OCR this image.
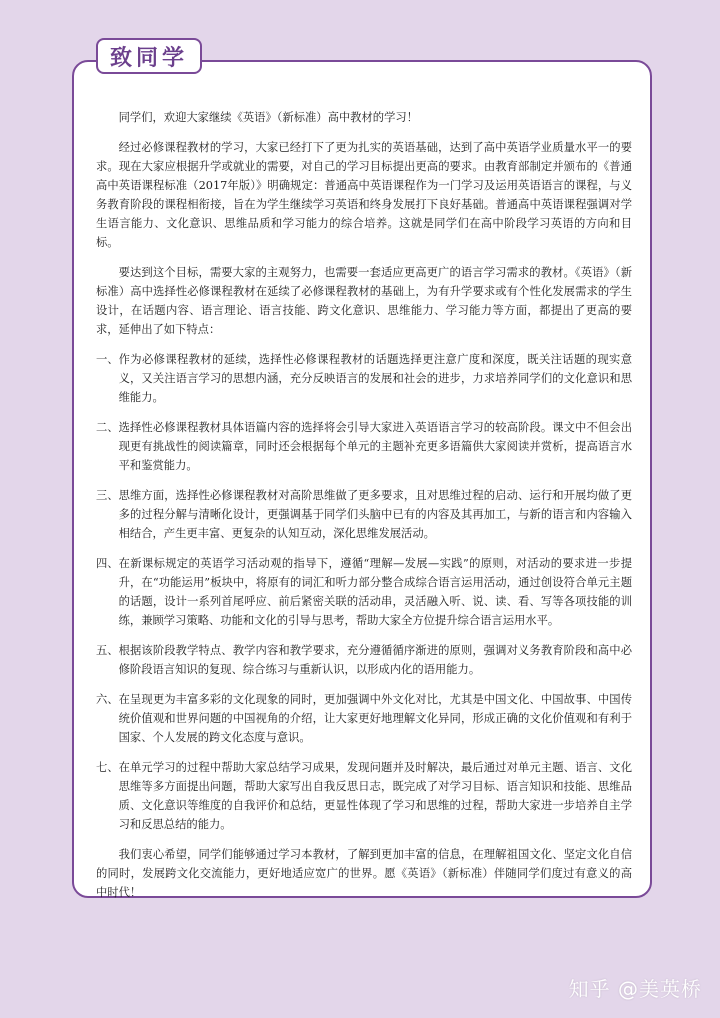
致同学

同学们，欢迎大家继续《英语》（新标准）高中教材的学习！

经过必修课程教材的学习，大家已经打下了更为扎实的英语基础，达到了高中英语学业质量水平一的要求。现在大家应根据升学或就业的需要，对自己的学习目标提出更高的要求。由教育部制定并颁布的《普通高中英语课程标准（2017年版）》明确规定：普通高中英语课程作为一门学习及运用英语语言的课程，与义务教育阶段的课程相衔接，旨在为学生继续学习英语和终身发展打下良好基础。普通高中英语课程强调对学生语言能力、文化意识、思维品质和学习能力的综合培养。这就是同学们在高中阶段学习英语的方向和目标。

要达到这个目标，需要大家的主观努力，也需要一套适应更高更广的语言学习需求的教材。《英语》（新标准）高中选择性必修课程教材在延续了必修课程教材的基础上，为有升学要求或有个性化发展需求的学生设计，在话题内容、语言理论、语言技能、跨文化意识、思维能力、学习能力等方面，都提出了更高的要求，延伸出了如下特点：

一、 作为必修课程教材的延续，选择性必修课程教材的话题选择更注意广度和深度，既关注话题的现实意义，又关注语言学习的思想内涵，充分反映语言的发展和社会的进步，力求培养同学们的文化意识和思维能力。
二、 选择性必修课程教材具体语篇内容的选择将会引导大家进入英语语言学习的较高阶段。课文中不但会出现更有挑战性的阅读篇章，同时还会根据每个单元的主题补充更多语篇供大家阅读并赏析，提高语言水平和鉴赏能力。
三、 思维方面，选择性必修课程教材对高阶思维做了更多要求，且对思维过程的启动、运行和开展均做了更多的过程分解与清晰化设计，更强调基于同学们头脑中已有的内容及其再加工，与新的语言和内容输入相结合，产生更丰富、更复杂的认知互动，深化思维发展活动。
四、 在新课标规定的英语学习活动观的指导下，遵循“理解—发展—实践”的原则，对活动的要求进一步提升，在“功能运用”板块中，将原有的词汇和听力部分整合成综合语言运用活动，通过创设符合单元主题的话题，设计一系列首尾呼应、前后紧密关联的活动串，灵活融入听、说、读、看、写等各项技能的训练，兼顾学习策略、功能和文化的引导与思考，帮助大家全方位提升综合语言运用水平。
五、 根据该阶段教学特点、教学内容和教学要求，充分遵循循序渐进的原则，强调对义务教育阶段和高中必修阶段语言知识的复现、综合练习与重新认识，以形成内化的语用能力。
六、 在呈现更为丰富多彩的文化现象的同时，更加强调中外文化对比，尤其是中国文化、中国故事、中国传统价值观和世界问题的中国视角的介绍，让大家更好地理解文化异同，形成正确的文化价值观和有利于国家、个人发展的跨文化态度与意识。
七、 在单元学习的过程中帮助大家总结学习成果，发现问题并及时解决，最后通过对单元主题、语言、文化思维等多方面提出问题，帮助大家写出自我反思日志，既完成了对学习目标、语言知识和技能、思维品质、文化意识等维度的自我评价和总结，更显性体现了学习和思维的过程，帮助大家进一步培养自主学习和反思总结的能力。

我们衷心希望，同学们能够通过学习本教材，了解到更加丰富的信息，在理解祖国文化、坚定文化自信的同时，发展跨文化交流能力，更好地适应宽广的世界。愿《英语》（新标准）伴随同学们度过有意义的高中时代！

知乎 @美英桥
